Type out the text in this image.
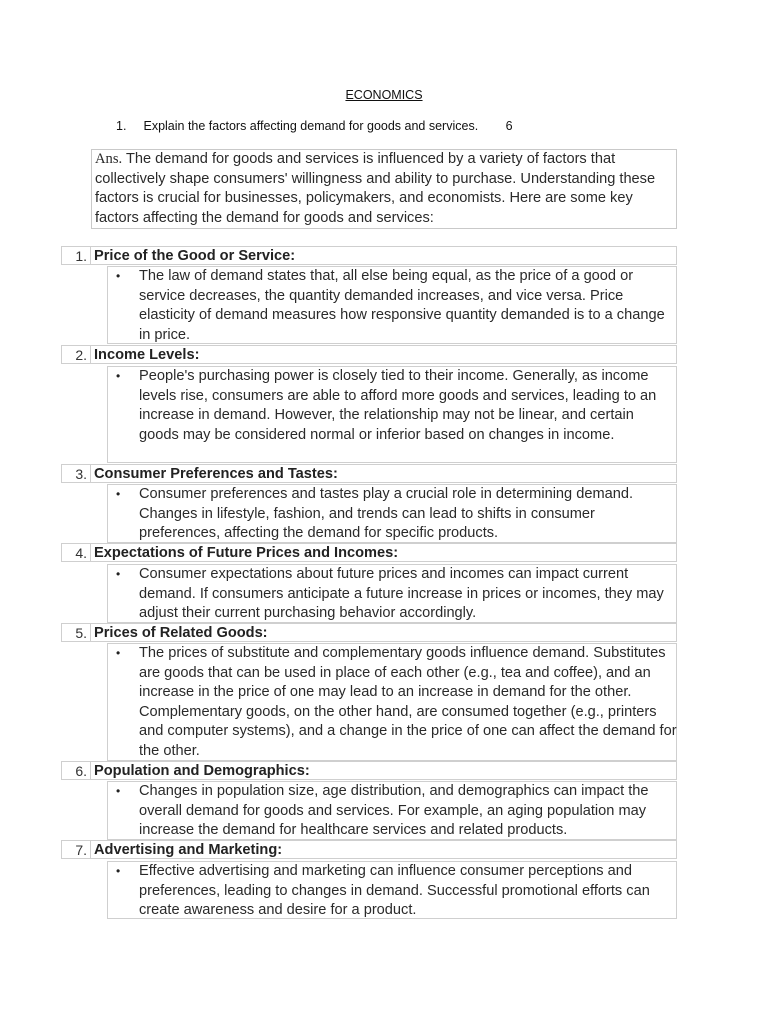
ECONOMICS
1. Explain the factors affecting demand for goods and services. 6
Ans. The demand for goods and services is influenced by a variety of factors that collectively shape consumers' willingness and ability to purchase. Understanding these factors is crucial for businesses, policymakers, and economists. Here are some key factors affecting the demand for goods and services:
1. Price of the Good or Service:
• The law of demand states that, all else being equal, as the price of a good or service decreases, the quantity demanded increases, and vice versa. Price elasticity of demand measures how responsive quantity demanded is to a change in price.
2. Income Levels:
• People's purchasing power is closely tied to their income. Generally, as income levels rise, consumers are able to afford more goods and services, leading to an increase in demand. However, the relationship may not be linear, and certain goods may be considered normal or inferior based on changes in income.
3. Consumer Preferences and Tastes:
• Consumer preferences and tastes play a crucial role in determining demand. Changes in lifestyle, fashion, and trends can lead to shifts in consumer preferences, affecting the demand for specific products.
4. Expectations of Future Prices and Incomes:
• Consumer expectations about future prices and incomes can impact current demand. If consumers anticipate a future increase in prices or incomes, they may adjust their current purchasing behavior accordingly.
5. Prices of Related Goods:
• The prices of substitute and complementary goods influence demand. Substitutes are goods that can be used in place of each other (e.g., tea and coffee), and an increase in the price of one may lead to an increase in demand for the other. Complementary goods, on the other hand, are consumed together (e.g., printers and computer systems), and a change in the price of one can affect the demand for the other.
6. Population and Demographics:
• Changes in population size, age distribution, and demographics can impact the overall demand for goods and services. For example, an aging population may increase the demand for healthcare services and related products.
7. Advertising and Marketing:
• Effective advertising and marketing can influence consumer perceptions and preferences, leading to changes in demand. Successful promotional efforts can create awareness and desire for a product.
